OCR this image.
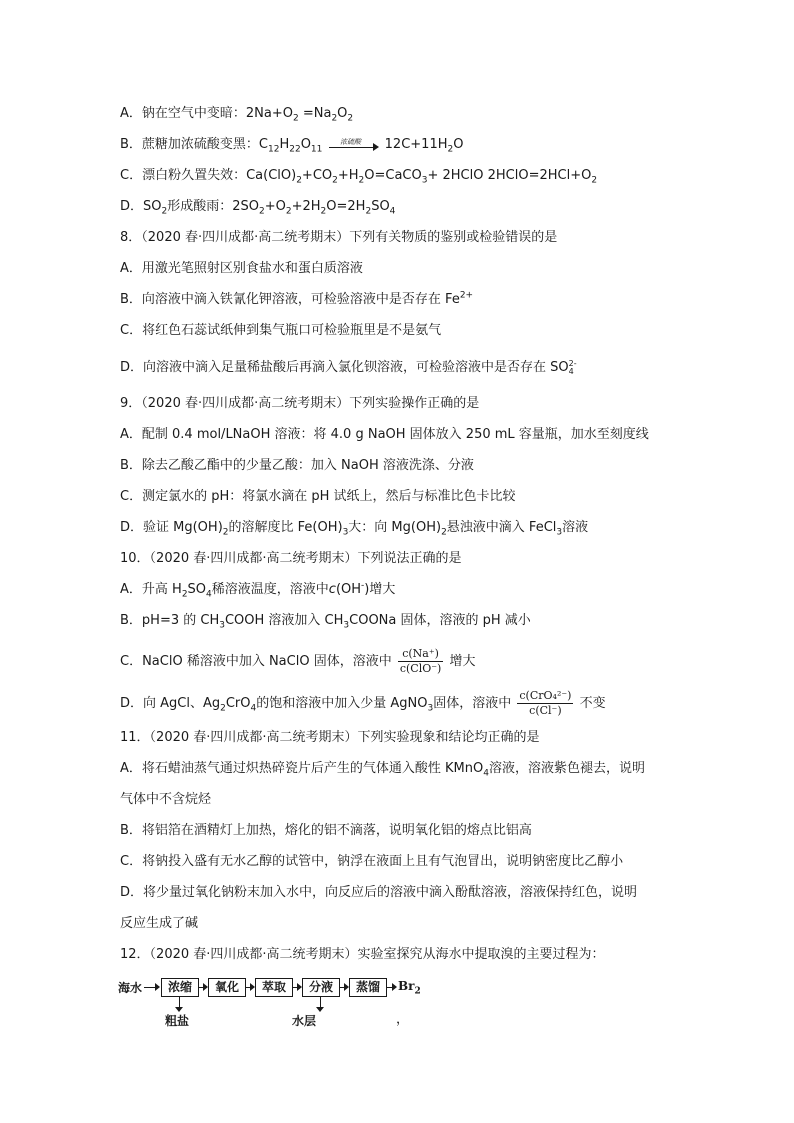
A．钠在空气中变暗：$2Na+O_2 =Na_2O_2$
B．蔗糖加浓硫酸变黑：$C_{12}H_{22}O_{11}$
浓硫酸	$12C+11H_2O$
C．漂白粉久置失效：$Ca(ClO)_2+CO_2+H_2O=CaCO_3+$ 2HClO $2HClO=2HCl+O_2$
D．$SO_2$形成酸雨：$2SO_2+O_2+2H_2O=2H_2SO_4$
8．（2020 春·四川成都·高二统考期末）下列有关物质的鉴别或检验错误的是
A．用激光笔照射区别食盐水和蛋白质溶液
B．向溶液中滴入铁氰化钾溶液，可检验溶液中是否存在 $Fe^{2+}$
C．将红色石蕊试纸伸到集气瓶口可检验瓶里是不是氨气
D．向溶液中滴入足量稀盐酸后再滴入氯化钡溶液，可检验溶液中是否存在 SO 2-
4
9．（2020 春·四川成都·高二统考期末）下列实验操作正确的是
A．配制 0.4 mol/LNaOH 溶液：将 4.0 g NaOH 固体放入 250 mL 容量瓶，加水至刻度线
B．除去乙酸乙酯中的少量乙酸：加入 NaOH 溶液洗涤、分液
C．测定氯水的 pH：将氯水滴在 pH 试纸上，然后与标准比色卡比较
D．验证 $Mg(OH)_2$的溶解度比 $Fe(OH)_3$大：向 $Mg(OH)_2$悬浊液中滴入 FeCl$_3$溶液
10．（2020 春·四川成都·高二统考期末）下列说法正确的是
A．升高 $H_2SO_4$稀溶液温度，溶液中c(OH-)增大
B．pH=3 的 $CH_3COOH$ 溶液加入 $CH_3COONa$ 固体，溶液的 pH 减小
C．NaClO 稀溶液中加入 NaClO 固体，溶液中 $\frac{c(Na^+)}{\text{c(ClO⁻)}}$ 增大
D．向 AgCl、$Ag_2CrO_4$的饱和溶液中加入少量 AgNO$_3$固体，溶液中 $\frac{\text{c(CrO₄²⁻)}}{c(Cl^-)}$ 不变
11．（2020 春·四川成都·高二统考期末）下列实验现象和结论均正确的是
A．将石蜡油蒸气通过炽热碎瓷片后产生的气体通入酸性 KMnO$_4$溶液，溶液紫色褪去，说明
气体中不含烷烃
B．将铝箔在酒精灯上加热，熔化的铝不滴落，说明氧化铝的熔点比铝高
C．将钠投入盛有无水乙醇的试管中，钠浮在液面上且有气泡冒出，说明钠密度比乙醇小
D．将少量过氧化钠粉末加入水中，向反应后的溶液中滴入酚酞溶液，溶液保持红色，说明
反应生成了碱
12．（2020 春·四川成都·高二统考期末）实验室探究从海水中提取溴的主要过程为：
海水	浓缩	氧化	萃取	分液	蒸馏	$Br_2$
粗盐	水层	，
